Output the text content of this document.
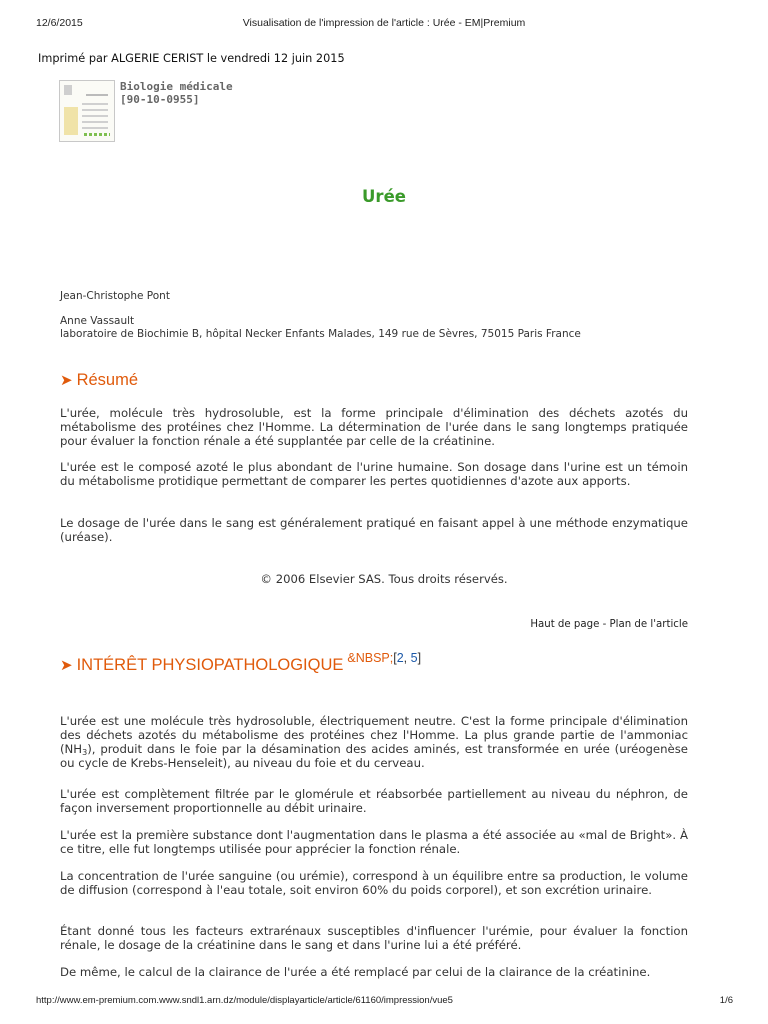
12/6/2015	Visualisation de l'impression de l'article : Urée - EM|Premium
Imprimé par ALGERIE CERIST le vendredi 12 juin 2015
Biologie médicale
[90-10-0955]
Urée
Jean-Christophe Pont
Anne Vassault
laboratoire de Biochimie B, hôpital Necker Enfants Malades, 149 rue de Sèvres, 75015 Paris France
➤ Résumé

L'urée, molécule très hydrosoluble, est la forme principale d'élimination des déchets azotés du métabolisme des protéines chez l'Homme. La détermination de l'urée dans le sang longtemps pratiquée pour évaluer la fonction rénale a été supplantée par celle de la créatinine.

L'urée est le composé azoté le plus abondant de l'urine humaine. Son dosage dans l'urine est un témoin du métabolisme protidique permettant de comparer les pertes quotidiennes d'azote aux apports.

Le dosage de l'urée dans le sang est généralement pratiqué en faisant appel à une méthode enzymatique (uréase).

© 2006 Elsevier SAS. Tous droits réservés.
Haut de page - Plan de l'article
➤ INTÉRÊT PHYSIOPATHOLOGIQUE $^{\&NBSP;[2, 5]}$

L'urée est une molécule très hydrosoluble, électriquement neutre. C'est la forme principale d'élimination des déchets azotés du métabolisme des protéines chez l'Homme. La plus grande partie de l'ammoniac $(NH_3)$, produit dans le foie par la désamination des acides aminés, est transformée en urée (uréogenèse ou cycle de Krebs-Henseleit), au niveau du foie et du cerveau.

L'urée est complètement filtrée par le glomérule et réabsorbée partiellement au niveau du néphron, de façon inversement proportionnelle au débit urinaire.

L'urée est la première substance dont l'augmentation dans le plasma a été associée au «mal de Bright». À ce titre, elle fut longtemps utilisée pour apprécier la fonction rénale.

La concentration de l'urée sanguine (ou urémie), correspond à un équilibre entre sa production, le volume de diffusion (correspond à l'eau totale, soit environ 60% du poids corporel), et son excrétion urinaire.

Étant donné tous les facteurs extrarénaux susceptibles d'influencer l'urémie, pour évaluer la fonction rénale, le dosage de la créatinine dans le sang et dans l'urine lui a été préféré.

De même, le calcul de la clairance de l'urée a été remplacé par celui de la clairance de la créatinine.

http://www.em-premium.com.www.sndl1.arn.dz/module/displayarticle/article/61160/impression/vue5	1/6
